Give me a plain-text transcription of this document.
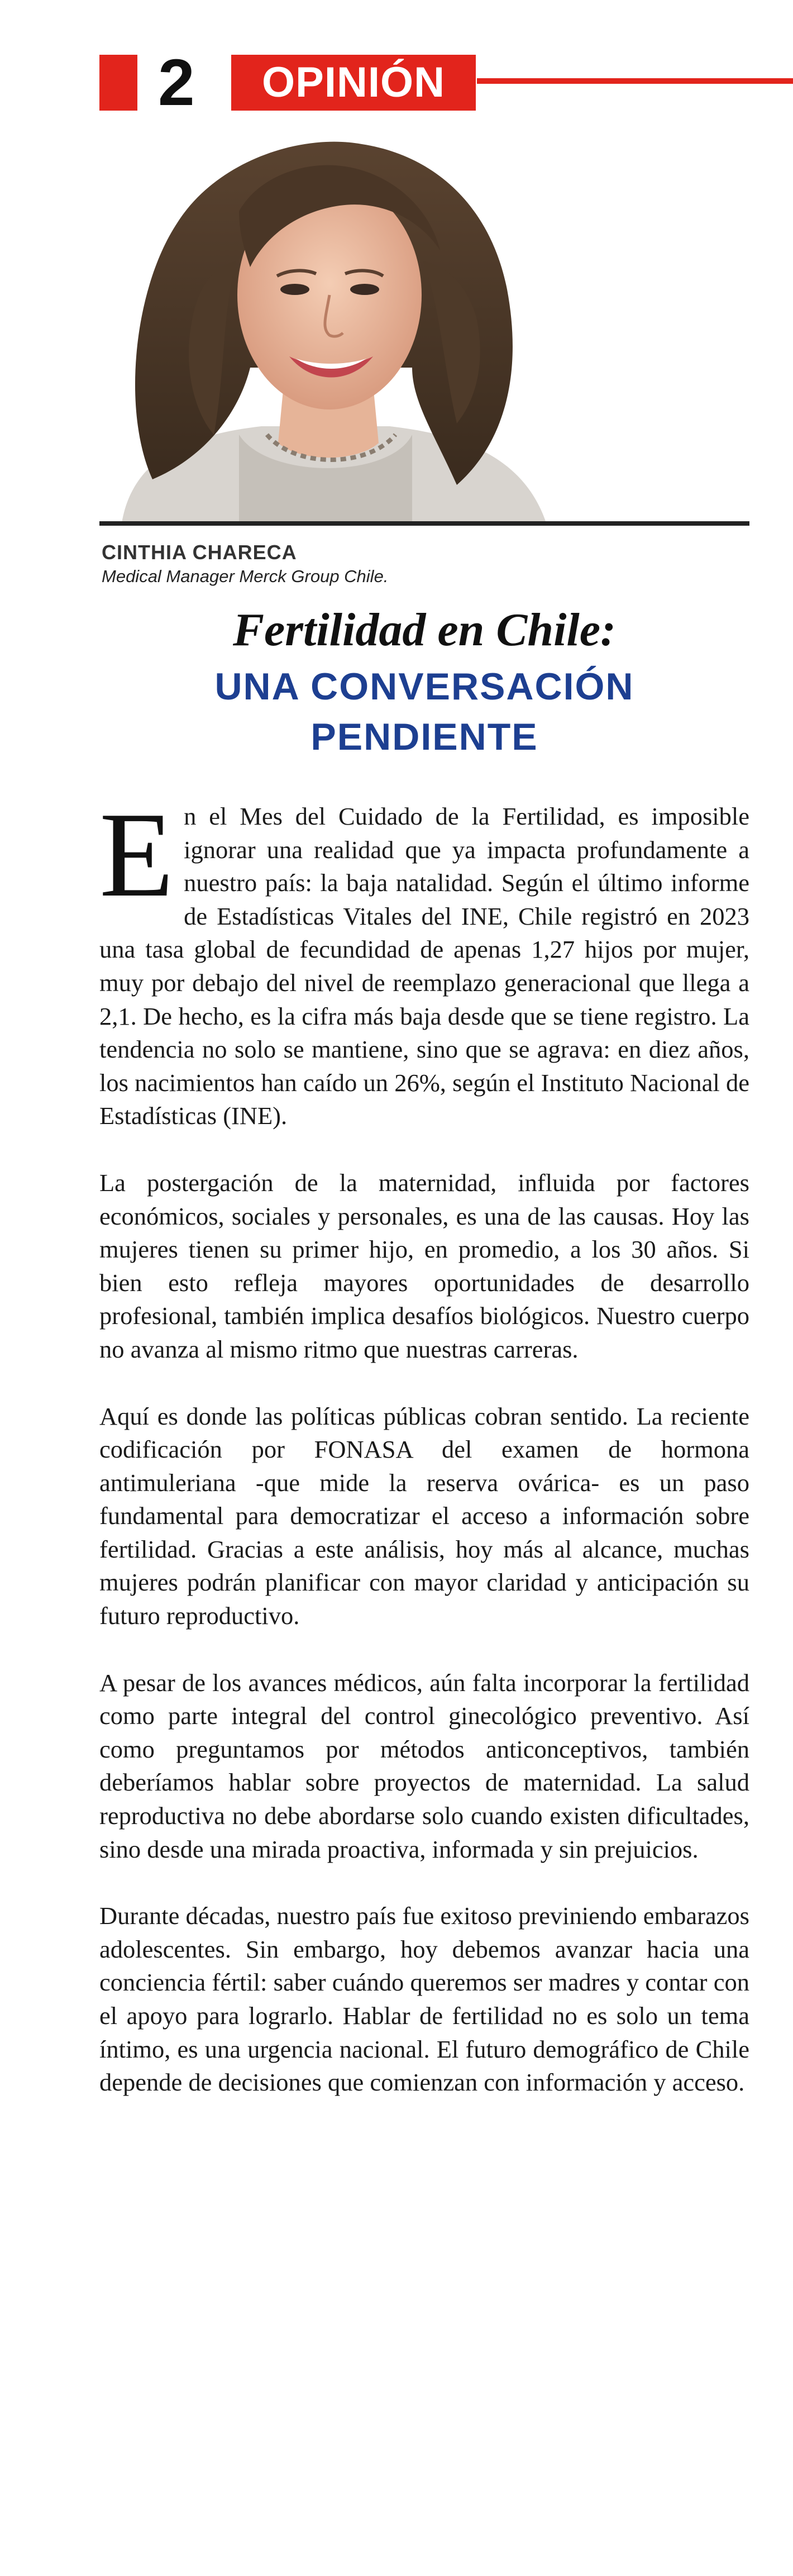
2	OPINIÓN
CINTHIA CHARECA
Medical Manager Merck Group Chile.
Fertilidad en Chile:
UNA CONVERSACIÓN
PENDIENTE

En el Mes del Cuidado de la Fertilidad, es imposible ignorar una realidad que ya impacta profundamente a nuestro país: la baja natalidad. Según el último informe de Estadísticas Vitales del INE, Chile registró en 2023 una tasa global de fecundidad de apenas 1,27 hijos por mujer, muy por debajo del nivel de reemplazo generacional que llega a 2,1. De hecho, es la cifra más baja desde que se tiene registro. La tendencia no solo se mantiene, sino que se agrava: en diez años, los nacimientos han caído un 26%, según el Instituto Nacional de Estadísticas (INE).

La postergación de la maternidad, influida por factores económicos, sociales y personales, es una de las causas. Hoy las mujeres tienen su primer hijo, en promedio, a los 30 años. Si bien esto refleja mayores oportunidades de desarrollo profesional, también implica desafíos biológicos. Nuestro cuerpo no avanza al mismo ritmo que nuestras carreras.

Aquí es donde las políticas públicas cobran sentido. La reciente codificación por FONASA del examen de hormona antimuleriana -que mide la reserva ovárica- es un paso fundamental para democratizar el acceso a información sobre fertilidad. Gracias a este análisis, hoy más al alcance, muchas mujeres podrán planificar con mayor claridad y anticipación su futuro reproductivo.

A pesar de los avances médicos, aún falta incorporar la fertilidad como parte integral del control ginecológico preventivo. Así como preguntamos por métodos anticonceptivos, también deberíamos hablar sobre proyectos de maternidad. La salud reproductiva no debe abordarse solo cuando existen dificultades, sino desde una mirada proactiva, informada y sin prejuicios.

Durante décadas, nuestro país fue exitoso previniendo embarazos adolescentes. Sin embargo, hoy debemos avanzar hacia una conciencia fértil: saber cuándo queremos ser madres y contar con el apoyo para lograrlo. Hablar de fertilidad no es solo un tema íntimo, es una urgencia nacional. El futuro demográfico de Chile depende de decisiones que comienzan con información y acceso.
